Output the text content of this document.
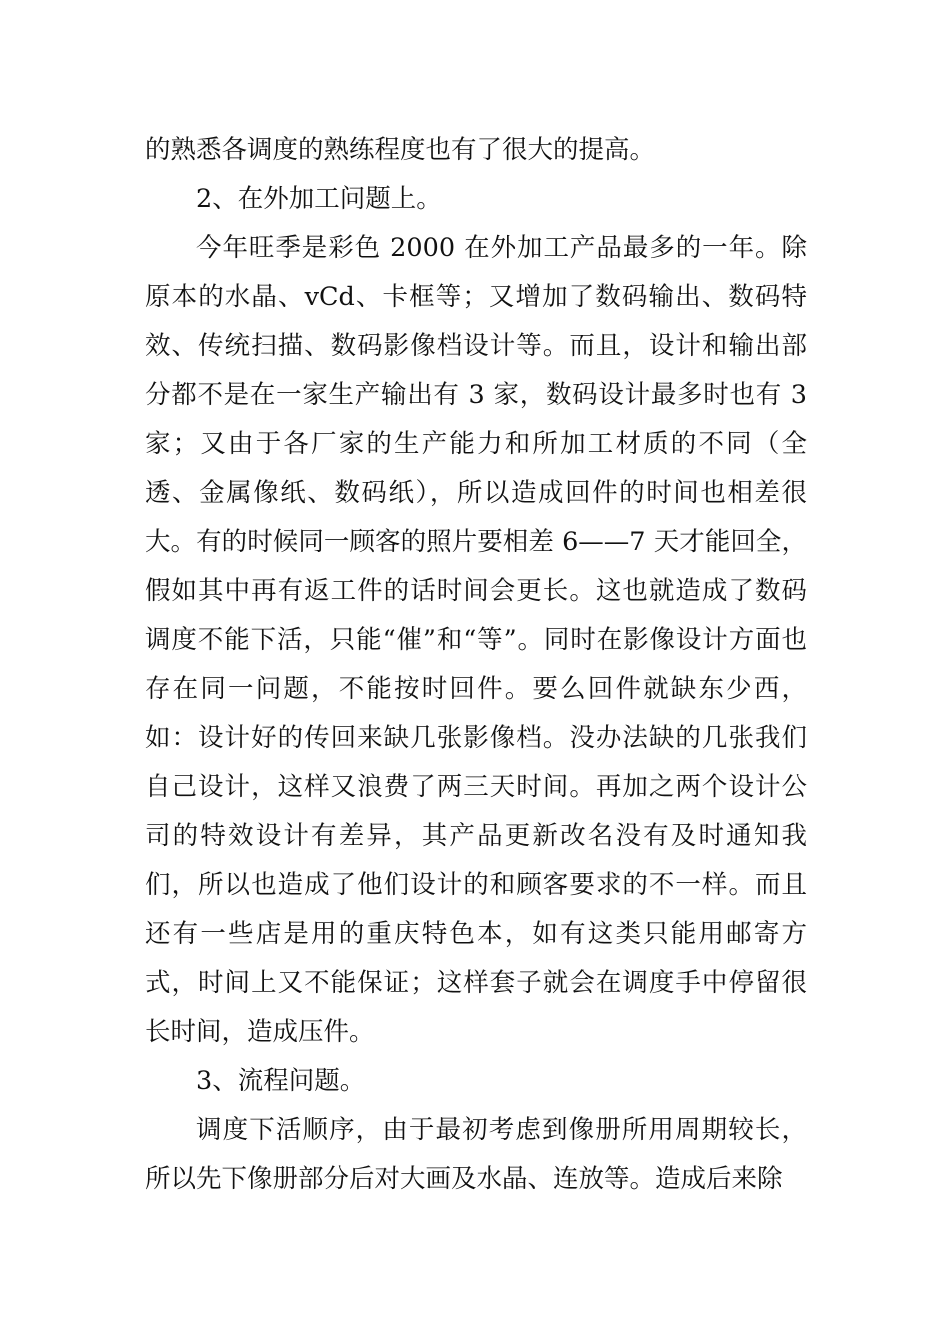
的熟悉各调度的熟练程度也有了很大的提高。

2、在外加工问题上。

今年旺季是彩色 2000 在外加工产品最多的一年。除原本的水晶、vCd、卡框等；又增加了数码输出、数码特效、传统扫描、数码影像档设计等。而且，设计和输出部分都不是在一家生产输出有 3 家，数码设计最多时也有 3 家；又由于各厂家的生产能力和所加工材质的不同（全透、金属像纸、数码纸），所以造成回件的时间也相差很大。有的时候同一顾客的照片要相差 6——7 天才能回全，假如其中再有返工件的话时间会更长。这也就造成了数码调度不能下活，只能“催”和“等”。同时在影像设计方面也存在同一问题，不能按时回件。要么回件就缺东少西，如：设计好的传回来缺几张影像档。没办法缺的几张我们自己设计，这样又浪费了两三天时间。再加之两个设计公司的特效设计有差异，其产品更新改名没有及时通知我们，所以也造成了他们设计的和顾客要求的不一样。而且还有一些店是用的重庆特色本，如有这类只能用邮寄方式，时间上又不能保证；这样套子就会在调度手中停留很长时间，造成压件。

3、流程问题。

调度下活顺序，由于最初考虑到像册所用周期较长，所以先下像册部分后对大画及水晶、连放等。造成后来除
